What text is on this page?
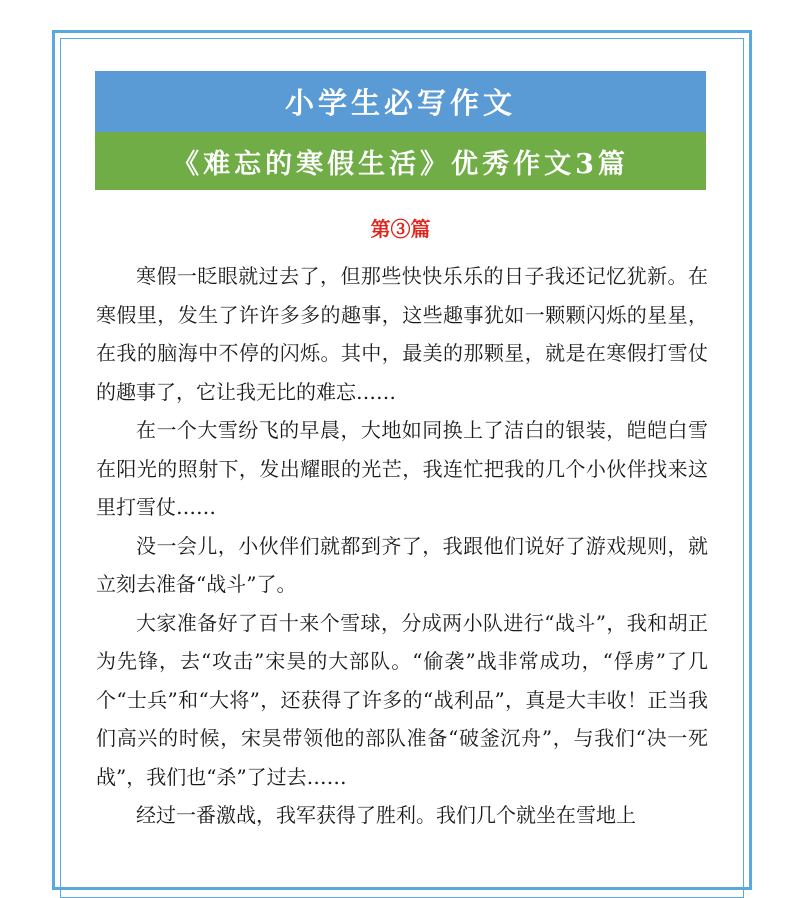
小学生必写作文
《难忘的寒假生活》优秀作文3篇
第③篇

寒假一眨眼就过去了，但那些快快乐乐的日子我还记忆犹新。在寒假里，发生了许许多多的趣事，这些趣事犹如一颗颗闪烁的星星，在我的脑海中不停的闪烁。其中，最美的那颗星，就是在寒假打雪仗的趣事了，它让我无比的难忘……

在一个大雪纷飞的早晨，大地如同换上了洁白的银装，皑皑白雪在阳光的照射下，发出耀眼的光芒，我连忙把我的几个小伙伴找来这里打雪仗……

没一会儿，小伙伴们就都到齐了，我跟他们说好了游戏规则，就立刻去准备“战斗”了。

大家准备好了百十来个雪球，分成两小队进行“战斗”，我和胡正为先锋，去“攻击”宋昊的大部队。“偷袭”战非常成功，“俘虏”了几个“士兵”和“大将”，还获得了许多的“战利品”，真是大丰收！正当我们高兴的时候，宋昊带领他的部队准备“破釜沉舟”，与我们“决一死战”，我们也“杀”了过去……

经过一番激战，我军获得了胜利。我们几个就坐在雪地上
